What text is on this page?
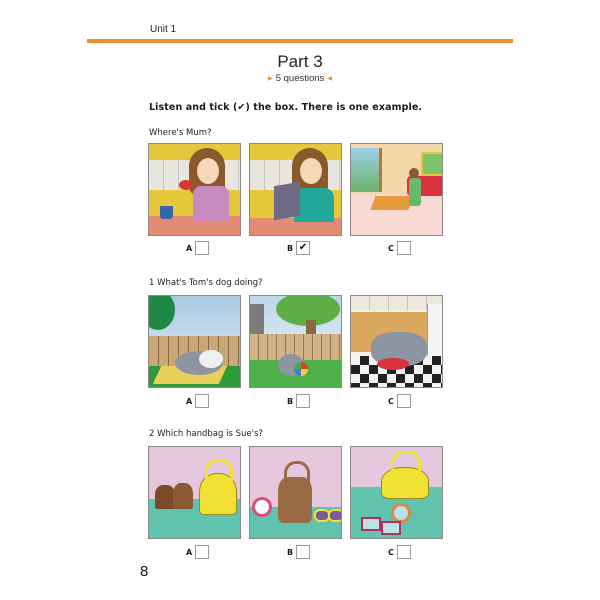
Unit 1
Part 3
▶ 5 questions ◀
Listen and tick (✔) the box. There is one example.
Where's Mum?
A	B ✔	C
1 What's Tom's dog doing?
A	B	C
2 Which handbag is Sue's?
A	B	C
8
